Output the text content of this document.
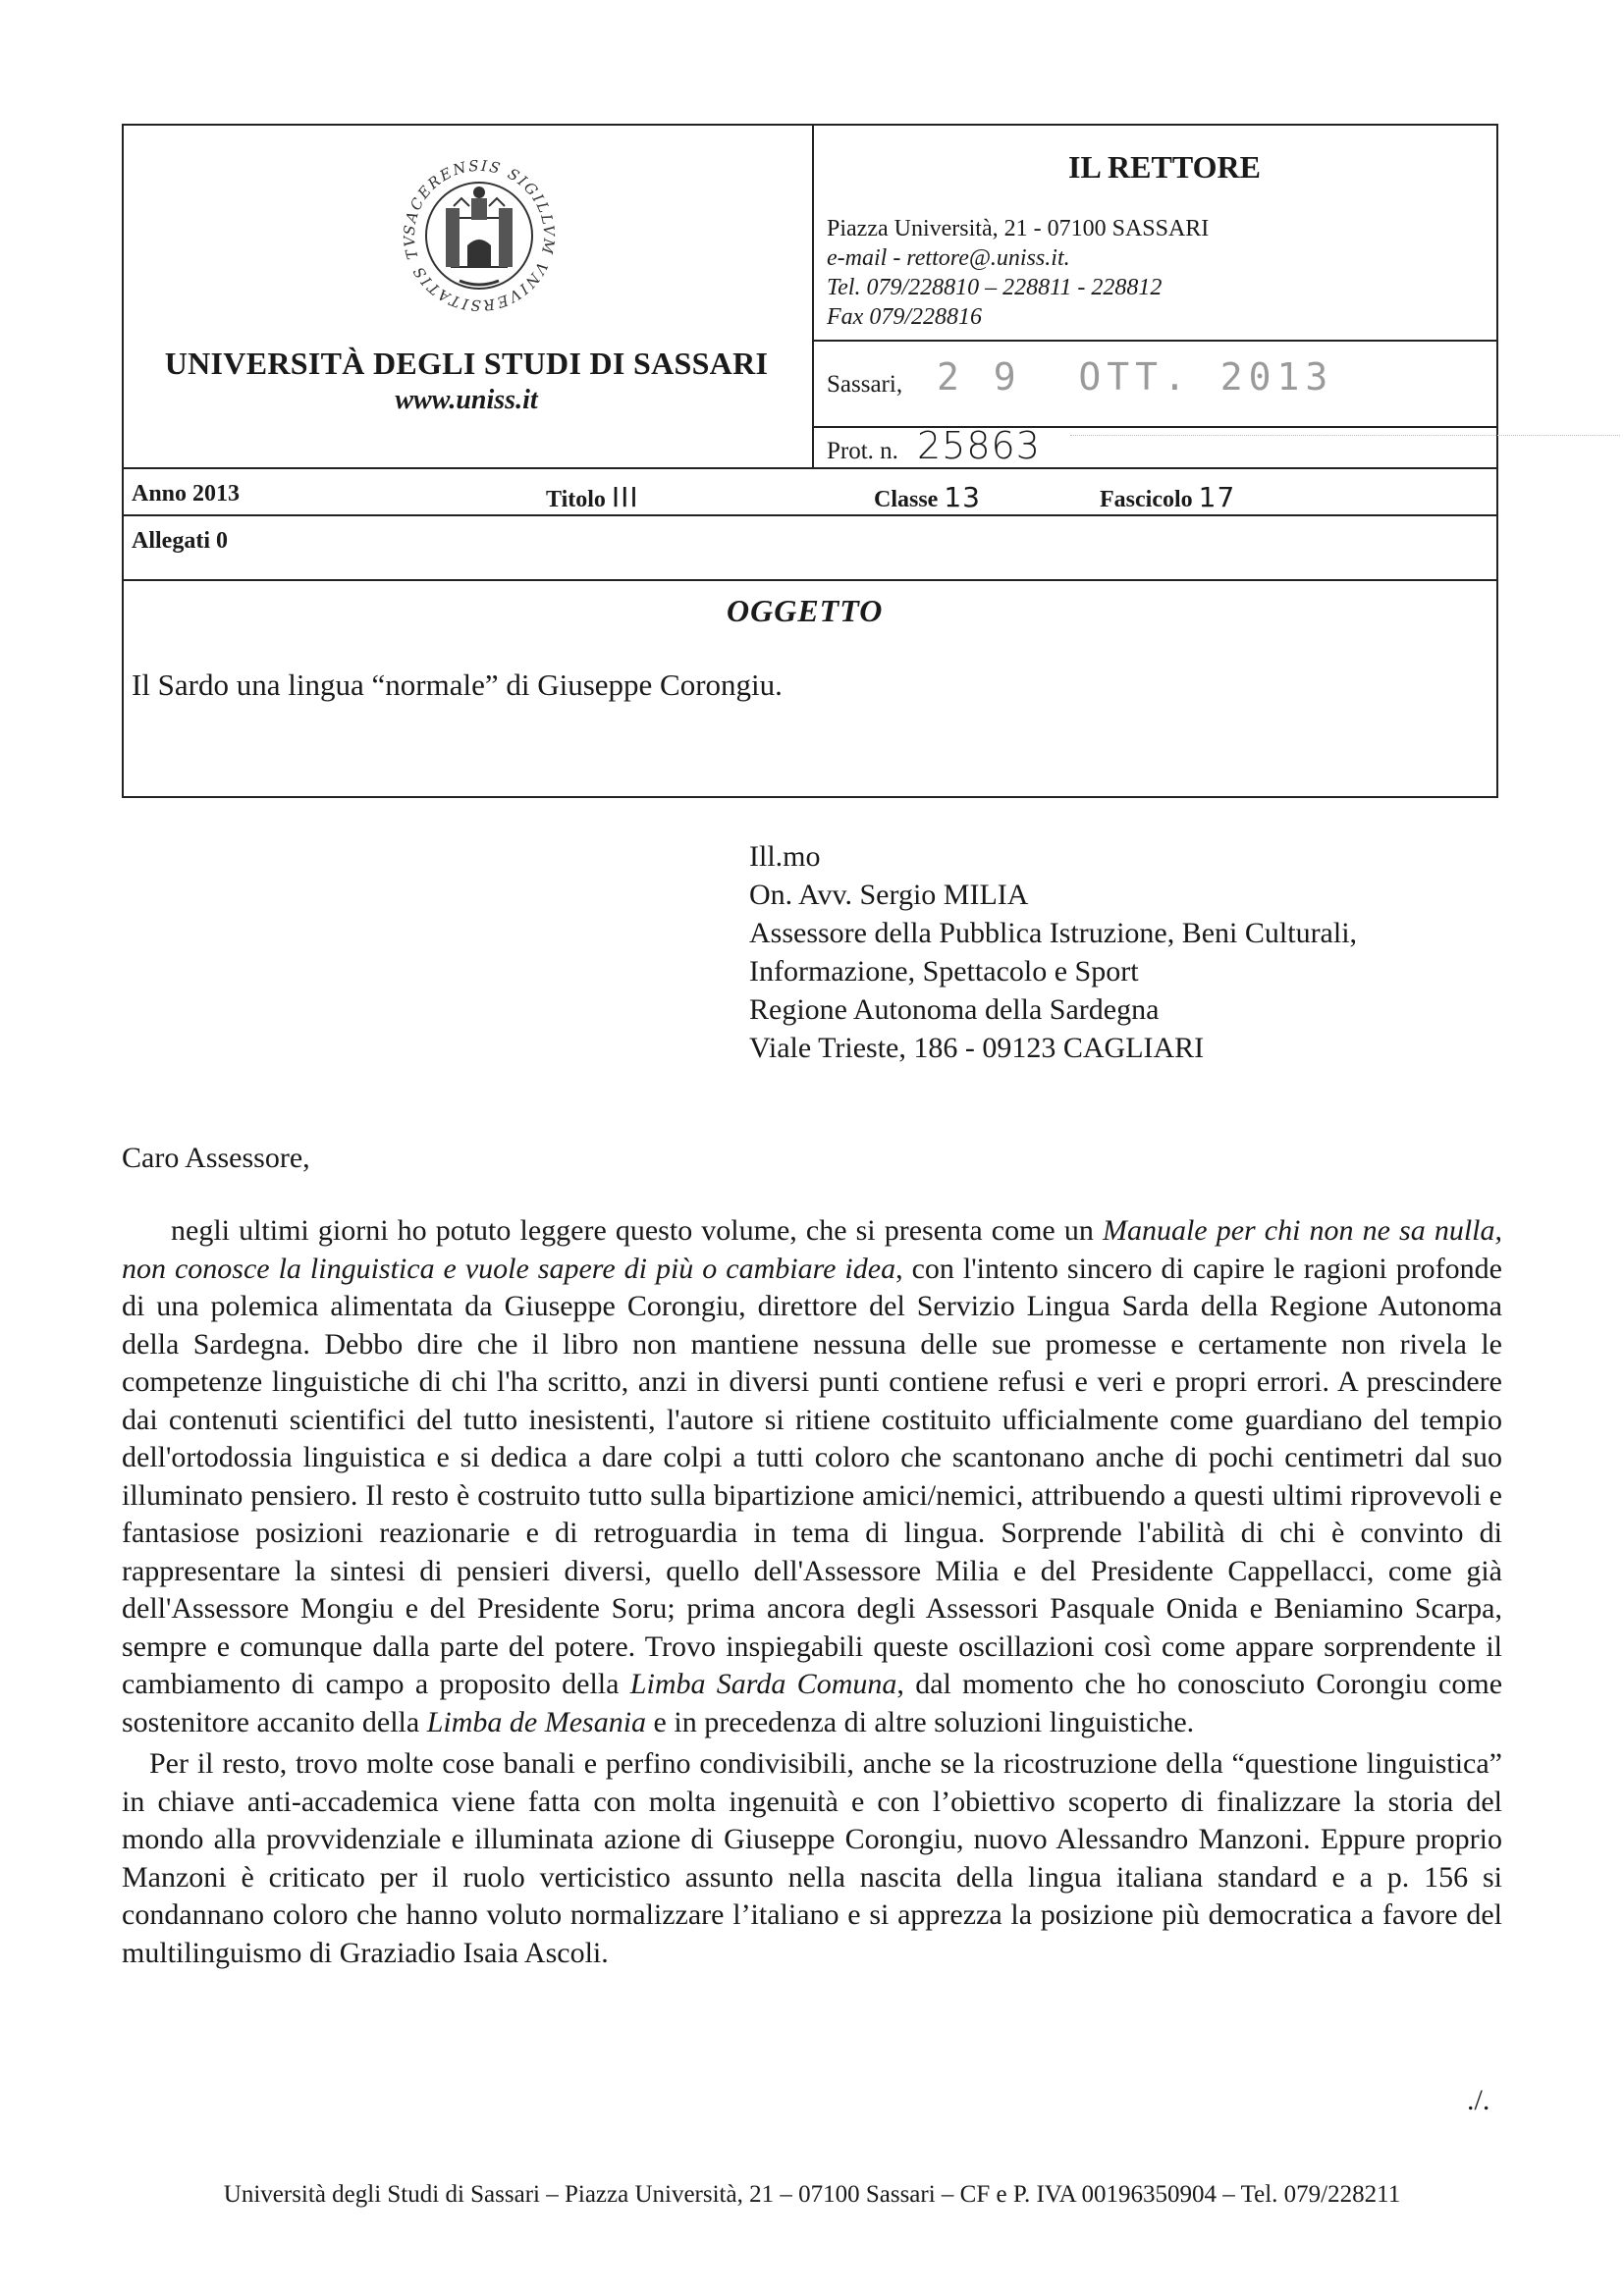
SACERENSIS SIGILLVM VNIVERSITATIS TV
UNIVERSITÀ DEGLI STUDI DI SASSARI
www.uniss.it
IL RETTORE
Piazza Università, 21 - 07100 SASSARI
e-mail - rettore@.uniss.it.
Tel. 079/228810 – 228811 - 228812
Fax 079/228816
Sassari, 2 9  OTT. 2013
Prot. n. 25863
Anno 2013	Titolo III	Classe 13	Fascicolo 17
Allegati 0
OGGETTO
Il Sardo una lingua “normale” di Giuseppe Corongiu.
Ill.mo
On. Avv. Sergio MILIA
Assessore della Pubblica Istruzione, Beni Culturali,
Informazione, Spettacolo e Sport
Regione Autonoma della Sardegna
Viale Trieste, 186 - 09123 CAGLIARI
Caro Assessore,

negli ultimi giorni ho potuto leggere questo volume, che si presenta come un Manuale per chi non ne sa nulla, non conosce la linguistica e vuole sapere di più o cambiare idea, con l'intento sincero di capire le ragioni profonde di una polemica alimentata da Giuseppe Corongiu, direttore del Servizio Lingua Sarda della Regione Autonoma della Sardegna. Debbo dire che il libro non mantiene nessuna delle sue promesse e certamente non rivela le competenze linguistiche di chi l'ha scritto, anzi in diversi punti contiene refusi e veri e propri errori. A prescindere dai contenuti scientifici del tutto inesistenti, l'autore si ritiene costituito ufficialmente come guardiano del tempio dell'ortodossia linguistica e si dedica a dare colpi a tutti coloro che scantonano anche di pochi centimetri dal suo illuminato pensiero. Il resto è costruito tutto sulla bipartizione amici/nemici, attribuendo a questi ultimi riprovevoli e fantasiose posizioni reazionarie e di retroguardia in tema di lingua. Sorprende l'abilità di chi è convinto di rappresentare la sintesi di pensieri diversi, quello dell'Assessore Milia e del Presidente Cappellacci, come già dell'Assessore Mongiu e del Presidente Soru; prima ancora degli Assessori Pasquale Onida e Beniamino Scarpa, sempre e comunque dalla parte del potere. Trovo inspiegabili queste oscillazioni così come appare sorprendente il cambiamento di campo a proposito della Limba Sarda Comuna, dal momento che ho conosciuto Corongiu come sostenitore accanito della Limba de Mesania e in precedenza di altre soluzioni linguistiche.

Per il resto, trovo molte cose banali e perfino condivisibili, anche se la ricostruzione della “questione linguistica” in chiave anti-accademica viene fatta con molta ingenuità e con l’obiettivo scoperto di finalizzare la storia del mondo alla provvidenziale e illuminata azione di Giuseppe Corongiu, nuovo Alessandro Manzoni. Eppure proprio Manzoni è criticato per il ruolo verticistico assunto nella nascita della lingua italiana standard e a p. 156 si condannano coloro che hanno voluto normalizzare l’italiano e si apprezza la posizione più democratica a favore del multilinguismo di Graziadio Isaia Ascoli.

./.
Università degli Studi di Sassari – Piazza Università, 21 – 07100 Sassari – CF e P. IVA 00196350904 – Tel. 079/228211
